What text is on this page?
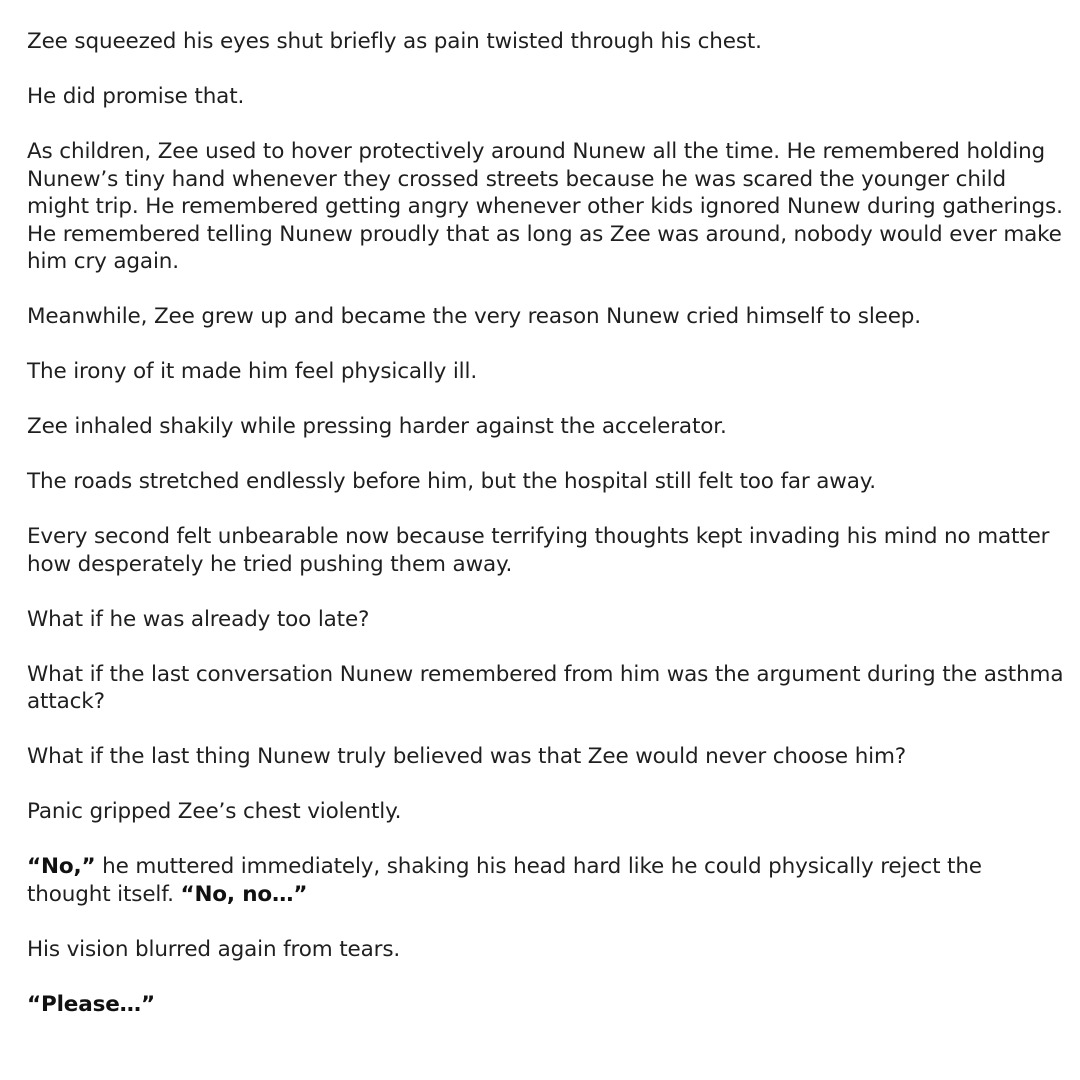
Zee squeezed his eyes shut briefly as pain twisted through his chest.

He did promise that.

As children, Zee used to hover protectively around Nunew all the time. He remembered holding Nunew’s tiny hand whenever they crossed streets because he was scared the younger child might trip. He remembered getting angry whenever other kids ignored Nunew during gatherings. He remembered telling Nunew proudly that as long as Zee was around, nobody would ever make him cry again.

Meanwhile, Zee grew up and became the very reason Nunew cried himself to sleep.

The irony of it made him feel physically ill.

Zee inhaled shakily while pressing harder against the accelerator.

The roads stretched endlessly before him, but the hospital still felt too far away.

Every second felt unbearable now because terrifying thoughts kept invading his mind no matter how desperately he tried pushing them away.

What if he was already too late?

What if the last conversation Nunew remembered from him was the argument during the asthma attack?

What if the last thing Nunew truly believed was that Zee would never choose him?

Panic gripped Zee’s chest violently.

“No,” he muttered immediately, shaking his head hard like he could physically reject the thought itself. “No, no…”

His vision blurred again from tears.

“Please…”
